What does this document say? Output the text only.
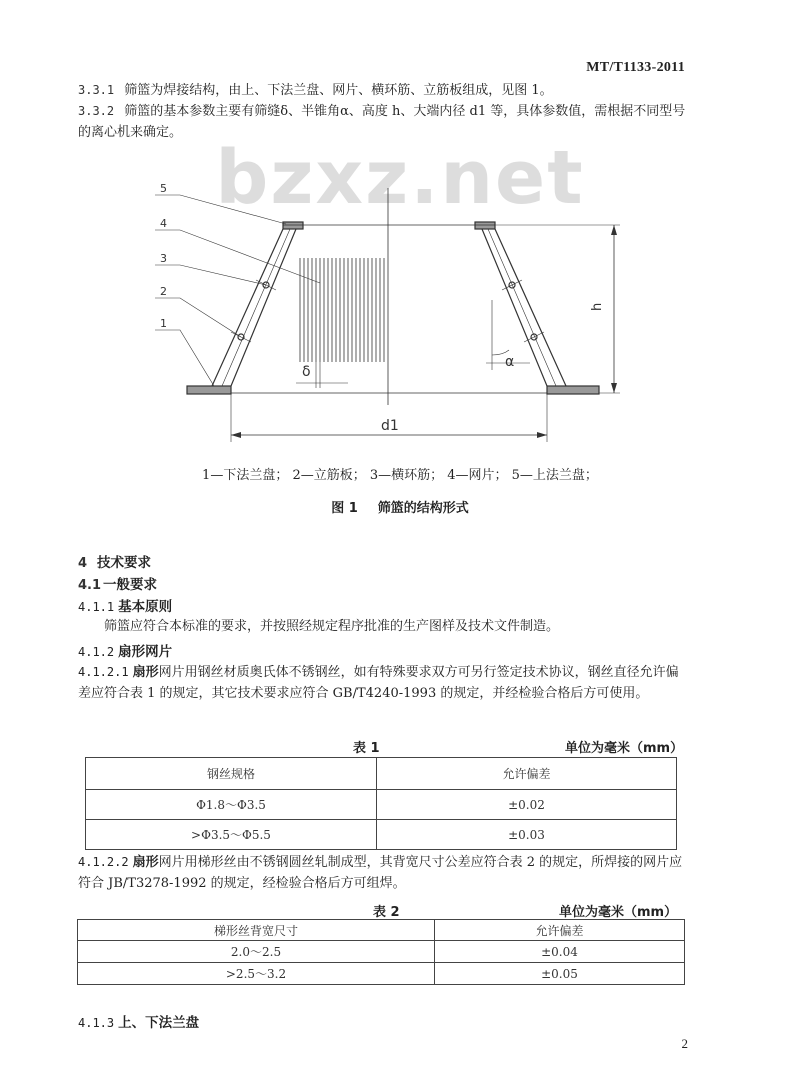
MT/T1133-2011
3.3.1 筛篮为焊接结构，由上、下法兰盘、网片、横环筋、立筋板组成，见图 1。
3.3.2 筛篮的基本参数主要有筛缝δ、半锥角α、高度 h、大端内径 d1 等，具体参数值，需根据不同型号的离心机来确定。
bzxz.net
5
4
3
2
1
δ
α
h
d1
1—下法兰盘； 2—立筋板； 3—横环筋； 4—网片； 5—上法兰盘；
图 1 筛篮的结构形式
4 技术要求
4.1 一般要求
4.1.1 基本原则
筛篮应符合本标准的要求，并按照经规定程序批准的生产图样及技术文件制造。
4.1.2 扇形网片
4.1.2.1 扇形网片用钢丝材质奥氏体不锈钢丝，如有特殊要求双方可另行签定技术协议，钢丝直径允许偏差应符合表 1 的规定，其它技术要求应符合 GB/T4240-1993 的规定，并经检验合格后方可使用。
表 1	单位为毫米（mm）
钢丝规格	允许偏差
Φ1.8～Φ3.5	±0.02
>Φ3.5～Φ5.5	±0.03
4.1.2.2 扇形网片用梯形丝由不锈钢圆丝轧制成型，其背宽尺寸公差应符合表 2 的规定，所焊接的网片应符合 JB/T3278-1992 的规定，经检验合格后方可组焊。
表 2	单位为毫米（mm）
梯形丝背宽尺寸	允许偏差
2.0～2.5	±0.04
>2.5～3.2	±0.05
4.1.3 上、下法兰盘
2
